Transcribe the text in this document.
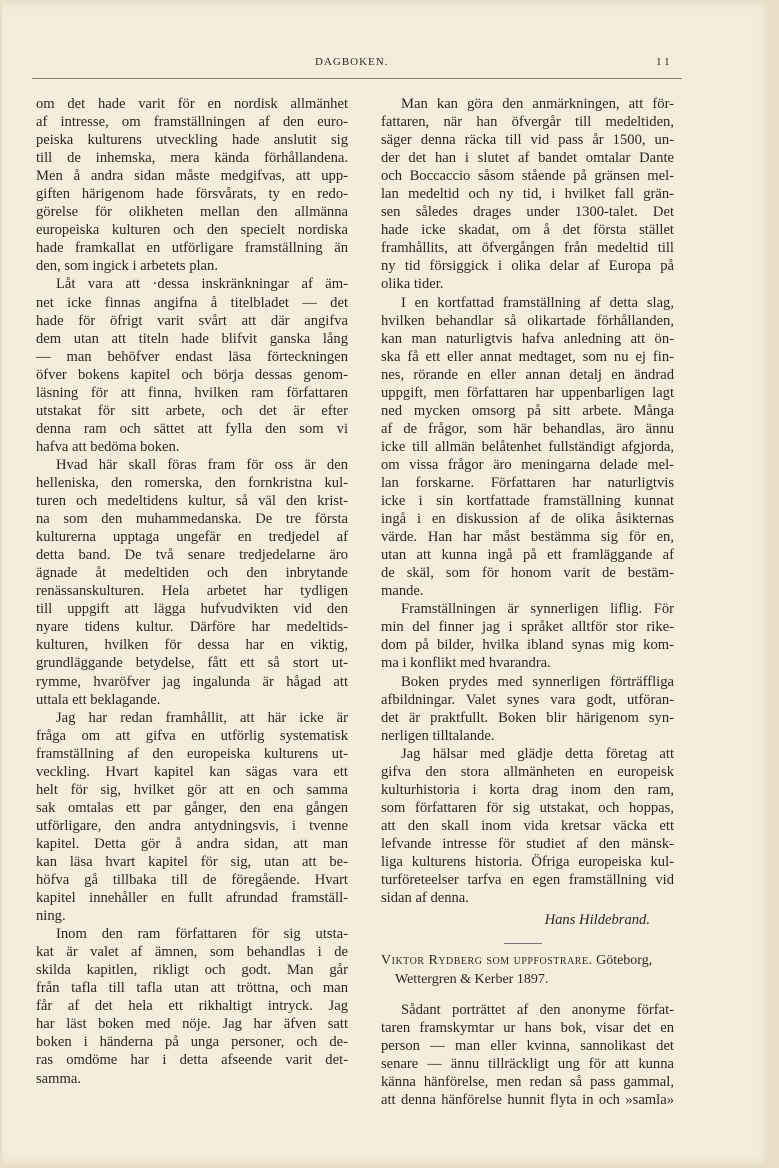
DAGBOKEN.	11
om det hade varit för en nordisk allmänhet
af intresse, om framställningen af den euro-
peiska kulturens utveckling hade anslutit sig
till de inhemska, mera kända förhållandena.
Men å andra sidan måste medgifvas, att upp-
giften härigenom hade försvårats, ty en redo-
görelse för olikheten mellan den allmänna
europeiska kulturen och den specielt nordiska
hade framkallat en utförligare framställning än
den, som ingick i arbetets plan.
Låt vara att ·dessa inskränkningar af äm-
net icke finnas angifna å titelbladet — det
hade för öfrigt varit svårt att där angifva
dem utan att titeln hade blifvit ganska lång
— man behöfver endast läsa förteckningen
öfver bokens kapitel och börja dessas genom-
läsning för att finna, hvilken ram författaren
utstakat för sitt arbete, och det är efter
denna ram och sättet att fylla den som vi
hafva att bedöma boken.
Hvad här skall föras fram för oss är den
helleniska, den romerska, den fornkristna kul-
turen och medeltidens kultur, så väl den krist-
na som den muhammedanska. De tre första
kulturerna upptaga ungefär en tredjedel af
detta band. De två senare tredjedelarne äro
ägnade åt medeltiden och den inbrytande
renässanskulturen. Hela arbetet har tydligen
till uppgift att lägga hufvudvikten vid den
nyare tidens kultur. Därföre har medeltids-
kulturen, hvilken för dessa har en viktig,
grundläggande betydelse, fått ett så stort ut-
rymme, hvaröfver jag ingalunda är hågad att
uttala ett beklagande.
Jag har redan framhållit, att här icke är
fråga om att gifva en utförlig systematisk
framställning af den europeiska kulturens ut-
veckling. Hvart kapitel kan sägas vara ett
helt för sig, hvilket gör att en och samma
sak omtalas ett par gånger, den ena gången
utförligare, den andra antydningsvis, i tvenne
kapitel. Detta gör å andra sidan, att man
kan läsa hvart kapitel för sig, utan att be-
höfva gå tillbaka till de föregående. Hvart
kapitel innehåller en fullt afrundad framställ-
ning.
Inom den ram författaren för sig utsta-
kat är valet af ämnen, som behandlas i de
skilda kapitlen, rikligt och godt. Man går
från tafla till tafla utan att tröttna, och man
får af det hela ett rikhaltigt intryck. Jag
har läst boken med nöje. Jag har äfven satt
boken i händerna på unga personer, och de-
ras omdöme har i detta afseende varit det-
samma.
Man kan göra den anmärkningen, att för-
fattaren, när han öfvergår till medeltiden,
säger denna räcka till vid pass år 1500, un-
der det han i slutet af bandet omtalar Dante
och Boccaccio såsom stående på gränsen mel-
lan medeltid och ny tid, i hvilket fall grän-
sen således drages under 1300-talet. Det
hade icke skadat, om å det första stället
framhållits, att öfvergången från medeltid till
ny tid försiggick i olika delar af Europa på
olika tider.
I en kortfattad framställning af detta slag,
hvilken behandlar så olikartade förhållanden,
kan man naturligtvis hafva anledning att ön-
ska få ett eller annat medtaget, som nu ej fin-
nes, rörande en eller annan detalj en ändrad
uppgift, men författaren har uppenbarligen lagt
ned mycken omsorg på sitt arbete. Många
af de frågor, som här behandlas, äro ännu
icke till allmän belåtenhet fullständigt afgjorda,
om vissa frågor äro meningarna delade mel-
lan forskarne. Författaren har naturligtvis
icke i sin kortfattade framställning kunnat
ingå i en diskussion af de olika åsikternas
värde. Han har måst bestämma sig för en,
utan att kunna ingå på ett framläggande af
de skäl, som för honom varit de bestäm-
mande.
Framställningen är synnerligen liflig. För
min del finner jag i språket alltför stor rike-
dom på bilder, hvilka ibland synas mig kom-
ma i konflikt med hvarandra.
Boken prydes med synnerligen förträffliga
afbildningar. Valet synes vara godt, utföran-
det är praktfullt. Boken blir härigenom syn-
nerligen tilltalande.
Jag hälsar med glädje detta företag att
gifva den stora allmänheten en europeisk
kulturhistoria i korta drag inom den ram,
som författaren för sig utstakat, och hoppas,
att den skall inom vida kretsar väcka ett
lefvande intresse för studiet af den mänsk-
liga kulturens historia. Öfriga europeiska kul-
turföreteelser tarfva en egen framställning vid
sidan af denna.
Hans Hildebrand.
Viktor Rydberg som uppfostrare. Göteborg,
Wettergren & Kerber 1897.
Sådant porträttet af den anonyme förfat-
taren framskymtar ur hans bok, visar det en
person — man eller kvinna, sannolikast det
senare — ännu tillräckligt ung för att kunna
känna hänförelse, men redan så pass gammal,
att denna hänförelse hunnit flyta in och »samla»
